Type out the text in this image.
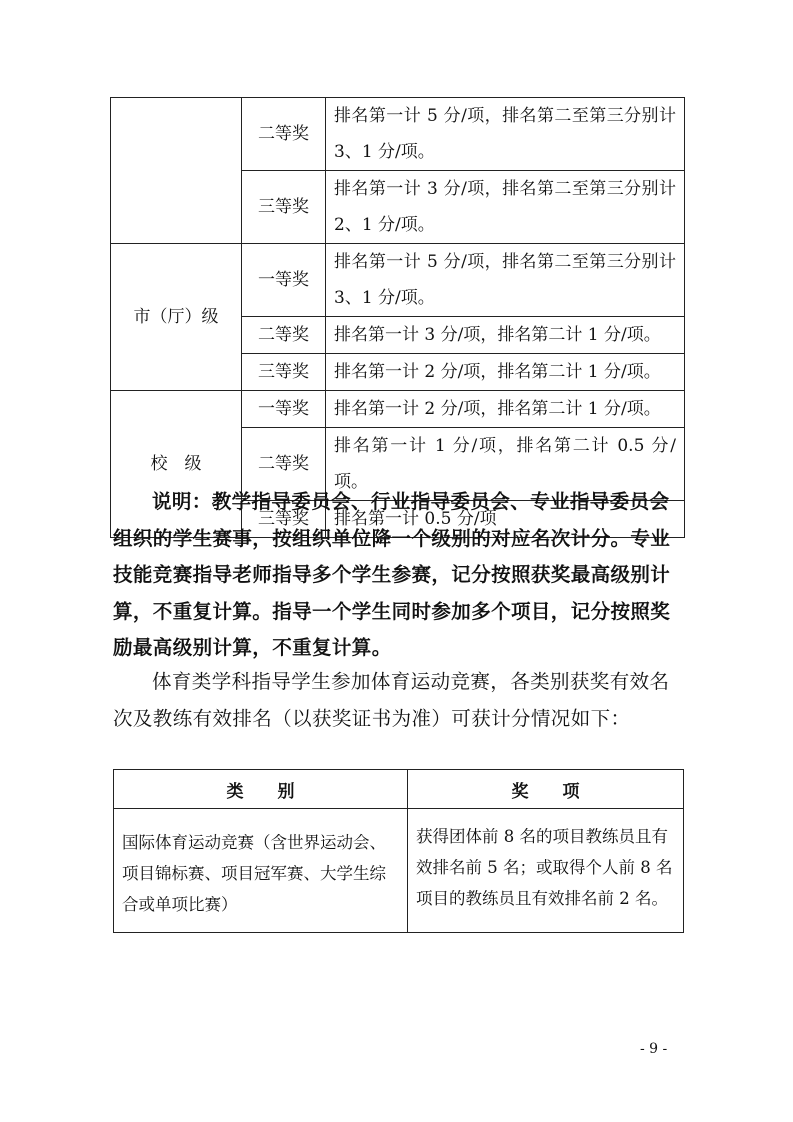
	二等奖	排名第一计 5 分/项，排名第二至第三分别计 3、1 分/项。
	三等奖	排名第一计 3 分/项，排名第二至第三分别计 2、1 分/项。
市（厅）级	一等奖	排名第一计 5 分/项，排名第二至第三分别计 3、1 分/项。
	二等奖	排名第一计 3 分/项，排名第二计 1 分/项。
	三等奖	排名第一计 2 分/项，排名第二计 1 分/项。
校　级	一等奖	排名第一计 2 分/项，排名第二计 1 分/项。
	二等奖	排名第一计 1 分/项，排名第二计 0.5 分/项。
	三等奖	排名第一计 0.5 分/项

说明：教学指导委员会、行业指导委员会、专业指导委员会组织的学生赛事，按组织单位降一个级别的对应名次计分。专业技能竞赛指导老师指导多个学生参赛，记分按照获奖最高级别计算，不重复计算。指导一个学生同时参加多个项目，记分按照奖励最高级别计算，不重复计算。

体育类学科指导学生参加体育运动竞赛，各类别获奖有效名次及教练有效排名（以获奖证书为准）可获计分情况如下：

类　　别	奖　　项
国际体育运动竞赛（含世界运动会、项目锦标赛、项目冠军赛、大学生综合或单项比赛）	获得团体前 8 名的项目教练员且有效排名前 5 名；或取得个人前 8 名项目的教练员且有效排名前 2 名。
- 9 -
